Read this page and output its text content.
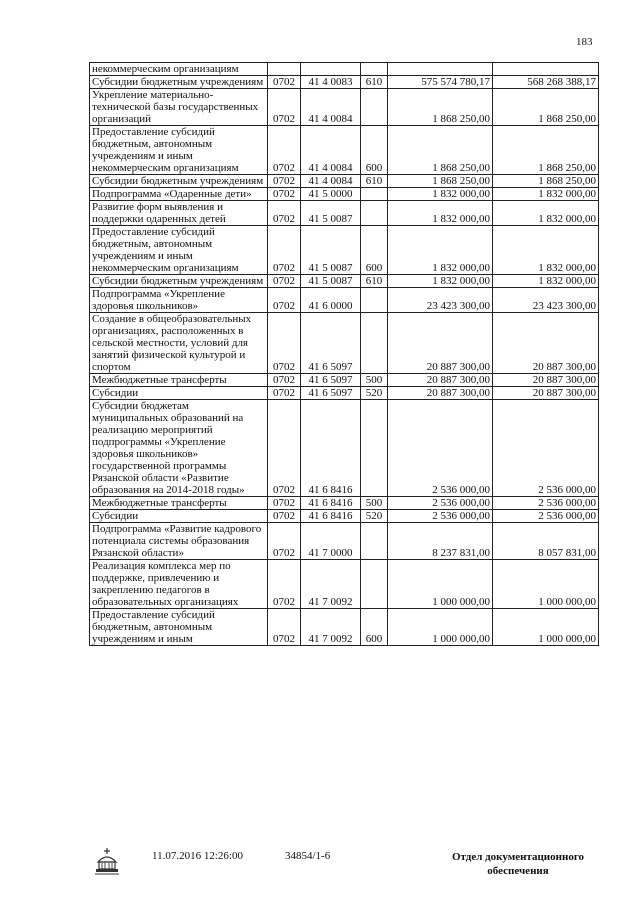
183
некоммерческим организациям					
Субсидии бюджетным учреждениям	0702	41 4 0083	610	575 574 780,17	568 268 388,17
Укрепление материально-технической базы государственных организаций	0702	41 4 0084		1 868 250,00	1 868 250,00
Предоставление субсидий бюджетным, автономным учреждениям и иным некоммерческим организациям	0702	41 4 0084	600	1 868 250,00	1 868 250,00
Субсидии бюджетным учреждениям	0702	41 4 0084	610	1 868 250,00	1 868 250,00
Подпрограмма «Одаренные дети»	0702	41 5 0000		1 832 000,00	1 832 000,00
Развитие форм выявления и поддержки одаренных детей	0702	41 5 0087		1 832 000,00	1 832 000,00
Предоставление субсидий бюджетным, автономным учреждениям и иным некоммерческим организациям	0702	41 5 0087	600	1 832 000,00	1 832 000,00
Субсидии бюджетным учреждениям	0702	41 5 0087	610	1 832 000,00	1 832 000,00
Подпрограмма «Укрепление здоровья школьников»	0702	41 6 0000		23 423 300,00	23 423 300,00
Создание в общеобразовательных организациях, расположенных в сельской местности, условий для занятий физической культурой и спортом	0702	41 6 5097		20 887 300,00	20 887 300,00
Межбюджетные трансферты	0702	41 6 5097	500	20 887 300,00	20 887 300,00
Субсидии	0702	41 6 5097	520	20 887 300,00	20 887 300,00
Субсидии бюджетам муниципальных образований на реализацию мероприятий подпрограммы «Укрепление здоровья школьников» государственной программы Рязанской области «Развитие образования на 2014-2018 годы»	0702	41 6 8416		2 536 000,00	2 536 000,00
Межбюджетные трансферты	0702	41 6 8416	500	2 536 000,00	2 536 000,00
Субсидии	0702	41 6 8416	520	2 536 000,00	2 536 000,00
Подпрограмма «Развитие кадрового потенциала системы образования Рязанской области»	0702	41 7 0000		8 237 831,00	8 057 831,00
Реализация комплекса мер по поддержке, привлечению и закреплению педагогов в образовательных организациях	0702	41 7 0092		1 000 000,00	1 000 000,00
Предоставление субсидий бюджетным, автономным учреждениям и иным	0702	41 7 0092	600	1 000 000,00	1 000 000,00
11.07.2016 12:26:00	34854/1-6	Отдел документационного обеспечения
